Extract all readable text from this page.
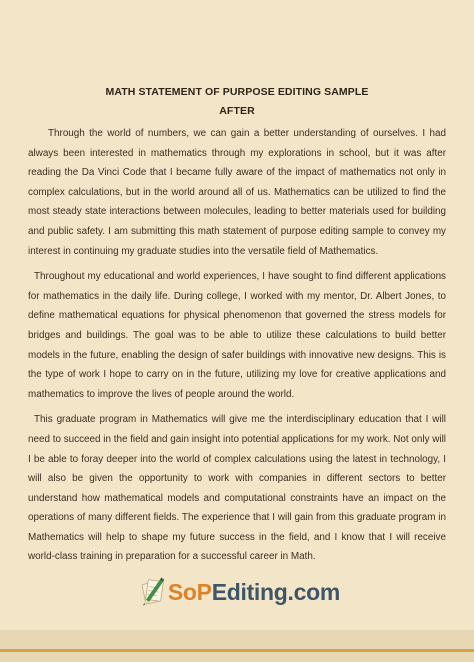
MATH STATEMENT OF PURPOSE EDITING SAMPLE
AFTER

Through the world of numbers, we can gain a better understanding of ourselves. I had always been interested in mathematics through my explorations in school, but it was after reading the Da Vinci Code that I became fully aware of the impact of mathematics not only in complex calculations, but in the world around all of us. Mathematics can be utilized to find the most steady state interactions between molecules, leading to better materials used for building and public safety. I am submitting this math statement of purpose editing sample to convey my interest in continuing my graduate studies into the versatile field of Mathematics.

Throughout my educational and world experiences, I have sought to find different applications for mathematics in the daily life. During college, I worked with my mentor, Dr. Albert Jones, to define mathematical equations for physical phenomenon that governed the stress models for bridges and buildings. The goal was to be able to utilize these calculations to build better models in the future, enabling the design of safer buildings with innovative new designs. This is the type of work I hope to carry on in the future, utilizing my love for creative applications and mathematics to improve the lives of people around the world.

This graduate program in Mathematics will give me the interdisciplinary education that I will need to succeed in the field and gain insight into potential applications for my work. Not only will I be able to foray deeper into the world of complex calculations using the latest in technology, I will also be given the opportunity to work with companies in different sectors to better understand how mathematical models and computational constraints have an impact on the operations of many different fields. The experience that I will gain from this graduate program in Mathematics will help to shape my future success in the field, and I know that I will receive world-class training in preparation for a successful career in Math.

SoPEditing.com
